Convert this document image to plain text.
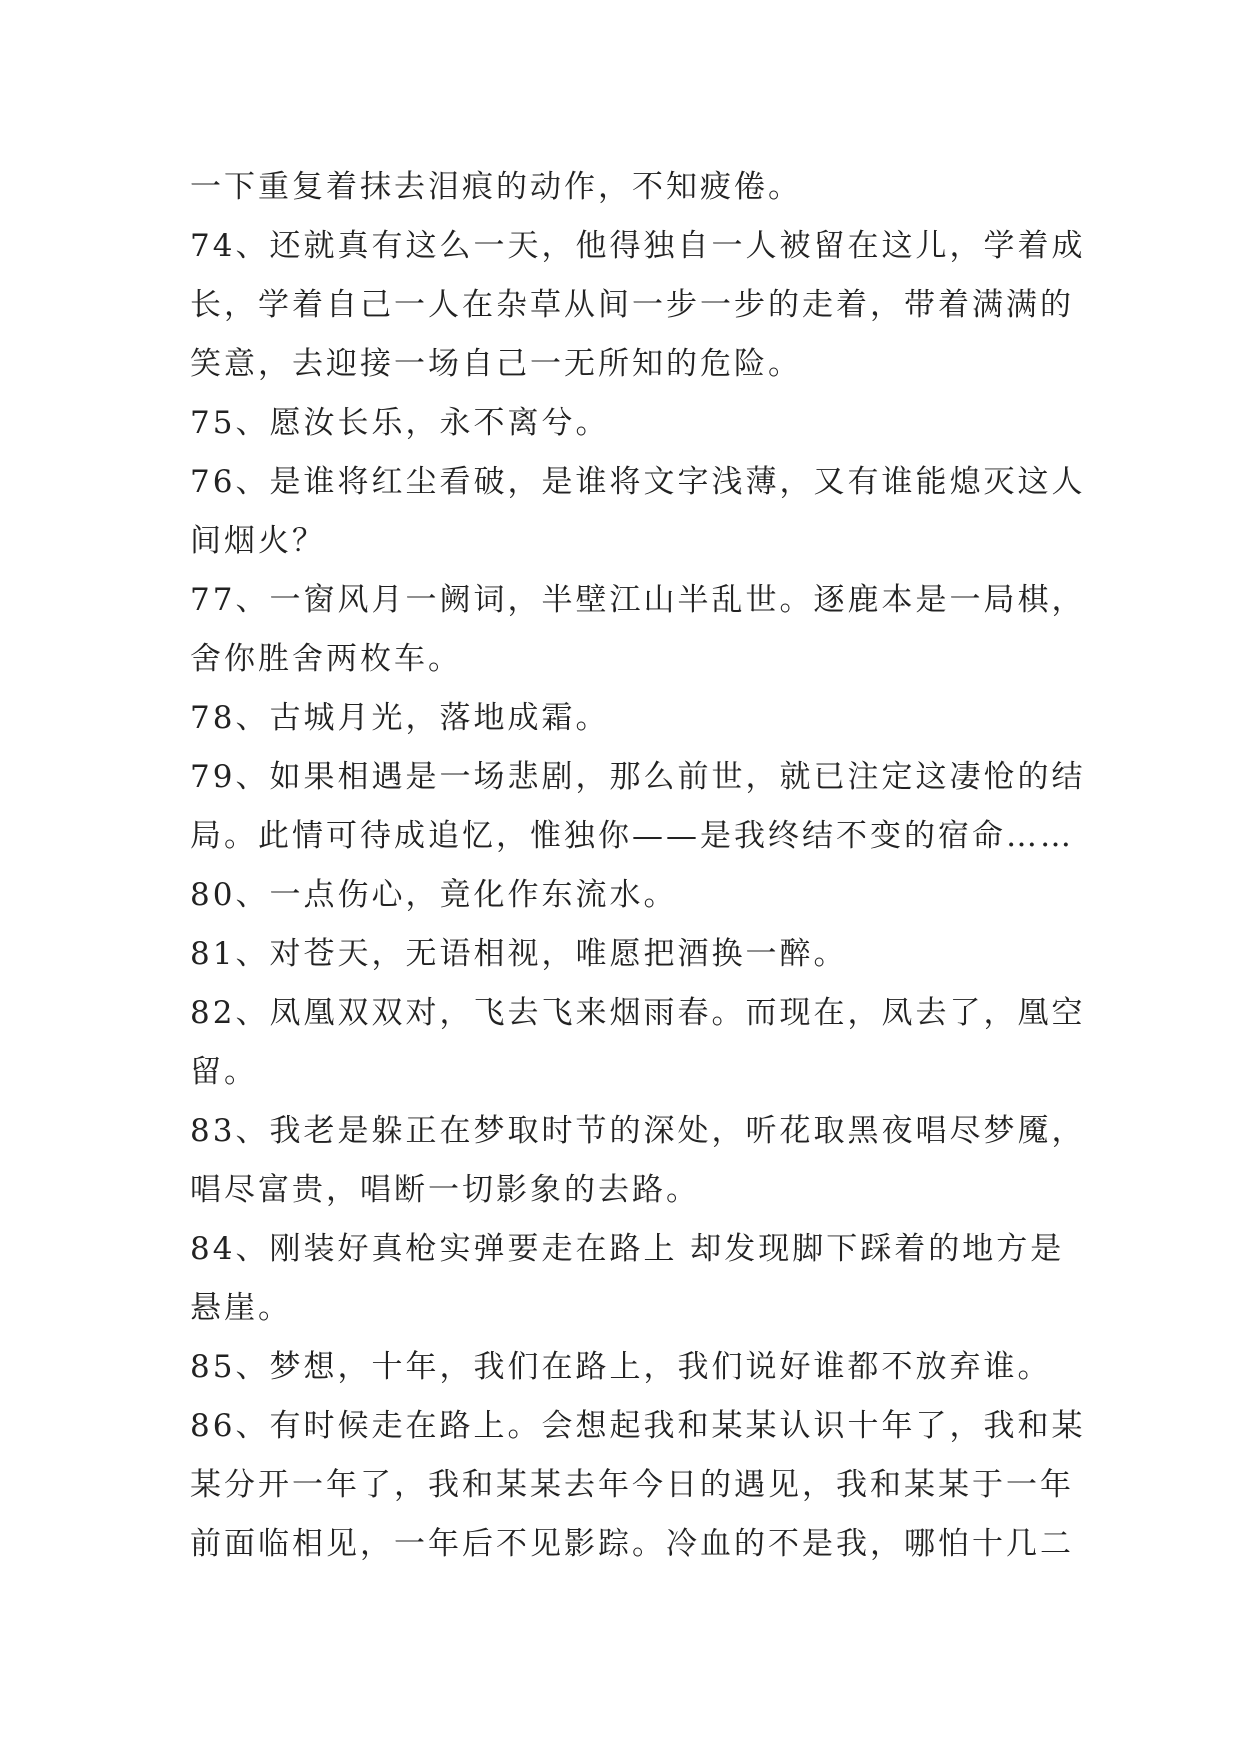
一下重复着抹去泪痕的动作，不知疲倦。
74、还就真有这么一天，他得独自一人被留在这儿，学着成
长，学着自己一人在杂草从间一步一步的走着，带着满满的
笑意，去迎接一场自己一无所知的危险。
75、愿汝长乐，永不离兮。
76、是谁将红尘看破，是谁将文字浅薄，又有谁能熄灭这人
间烟火？
77、一窗风月一阙词，半壁江山半乱世。逐鹿本是一局棋，
舍你胜舍两枚车。
78、古城月光，落地成霜。
79、如果相遇是一场悲剧，那么前世，就已注定这凄怆的结
局。此情可待成追忆，惟独你——是我终结不变的宿命……
80、一点伤心，竟化作东流水。
81、对苍天，无语相视，唯愿把酒换一醉。
82、凤凰双双对，飞去飞来烟雨春。而现在，凤去了，凰空
留。
83、我老是躲正在梦取时节的深处，听花取黑夜唱尽梦魇，
唱尽富贵，唱断一切影象的去路。
84、刚装好真枪实弹要走在路上 却发现脚下踩着的地方是
悬崖。
85、梦想，十年，我们在路上，我们说好谁都不放弃谁。
86、有时候走在路上。会想起我和某某认识十年了，我和某
某分开一年了，我和某某去年今日的遇见，我和某某于一年
前面临相见，一年后不见影踪。冷血的不是我，哪怕十几二
